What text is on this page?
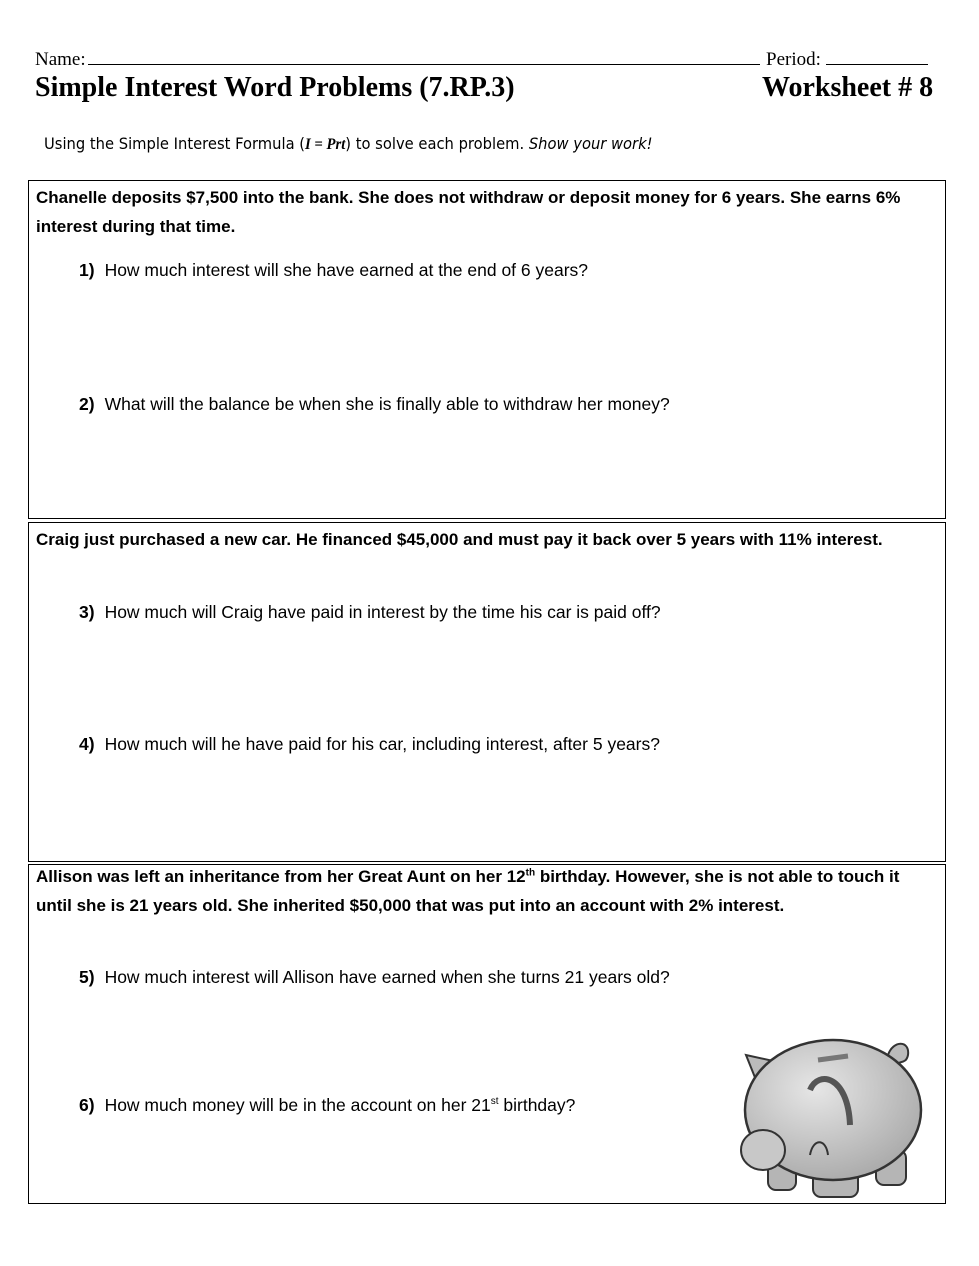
Name:	Period:
Simple Interest Word Problems (7.RP.3)	Worksheet # 8
Using the Simple Interest Formula (I = Prt) to solve each problem. Show your work!
Chanelle deposits $7,500 into the bank. She does not withdraw or deposit money for 6 years. She earns 6% interest during that time.
1) How much interest will she have earned at the end of 6 years?
2) What will the balance be when she is finally able to withdraw her money?
Craig just purchased a new car. He financed $45,000 and must pay it back over 5 years with 11% interest.
3) How much will Craig have paid in interest by the time his car is paid off?
4) How much will he have paid for his car, including interest, after 5 years?
Allison was left an inheritance from her Great Aunt on her 12th birthday. However, she is not able to touch it until she is 21 years old. She inherited $50,000 that was put into an account with 2% interest.
5) How much interest will Allison have earned when she turns 21 years old?
6) How much money will be in the account on her 21st birthday?
